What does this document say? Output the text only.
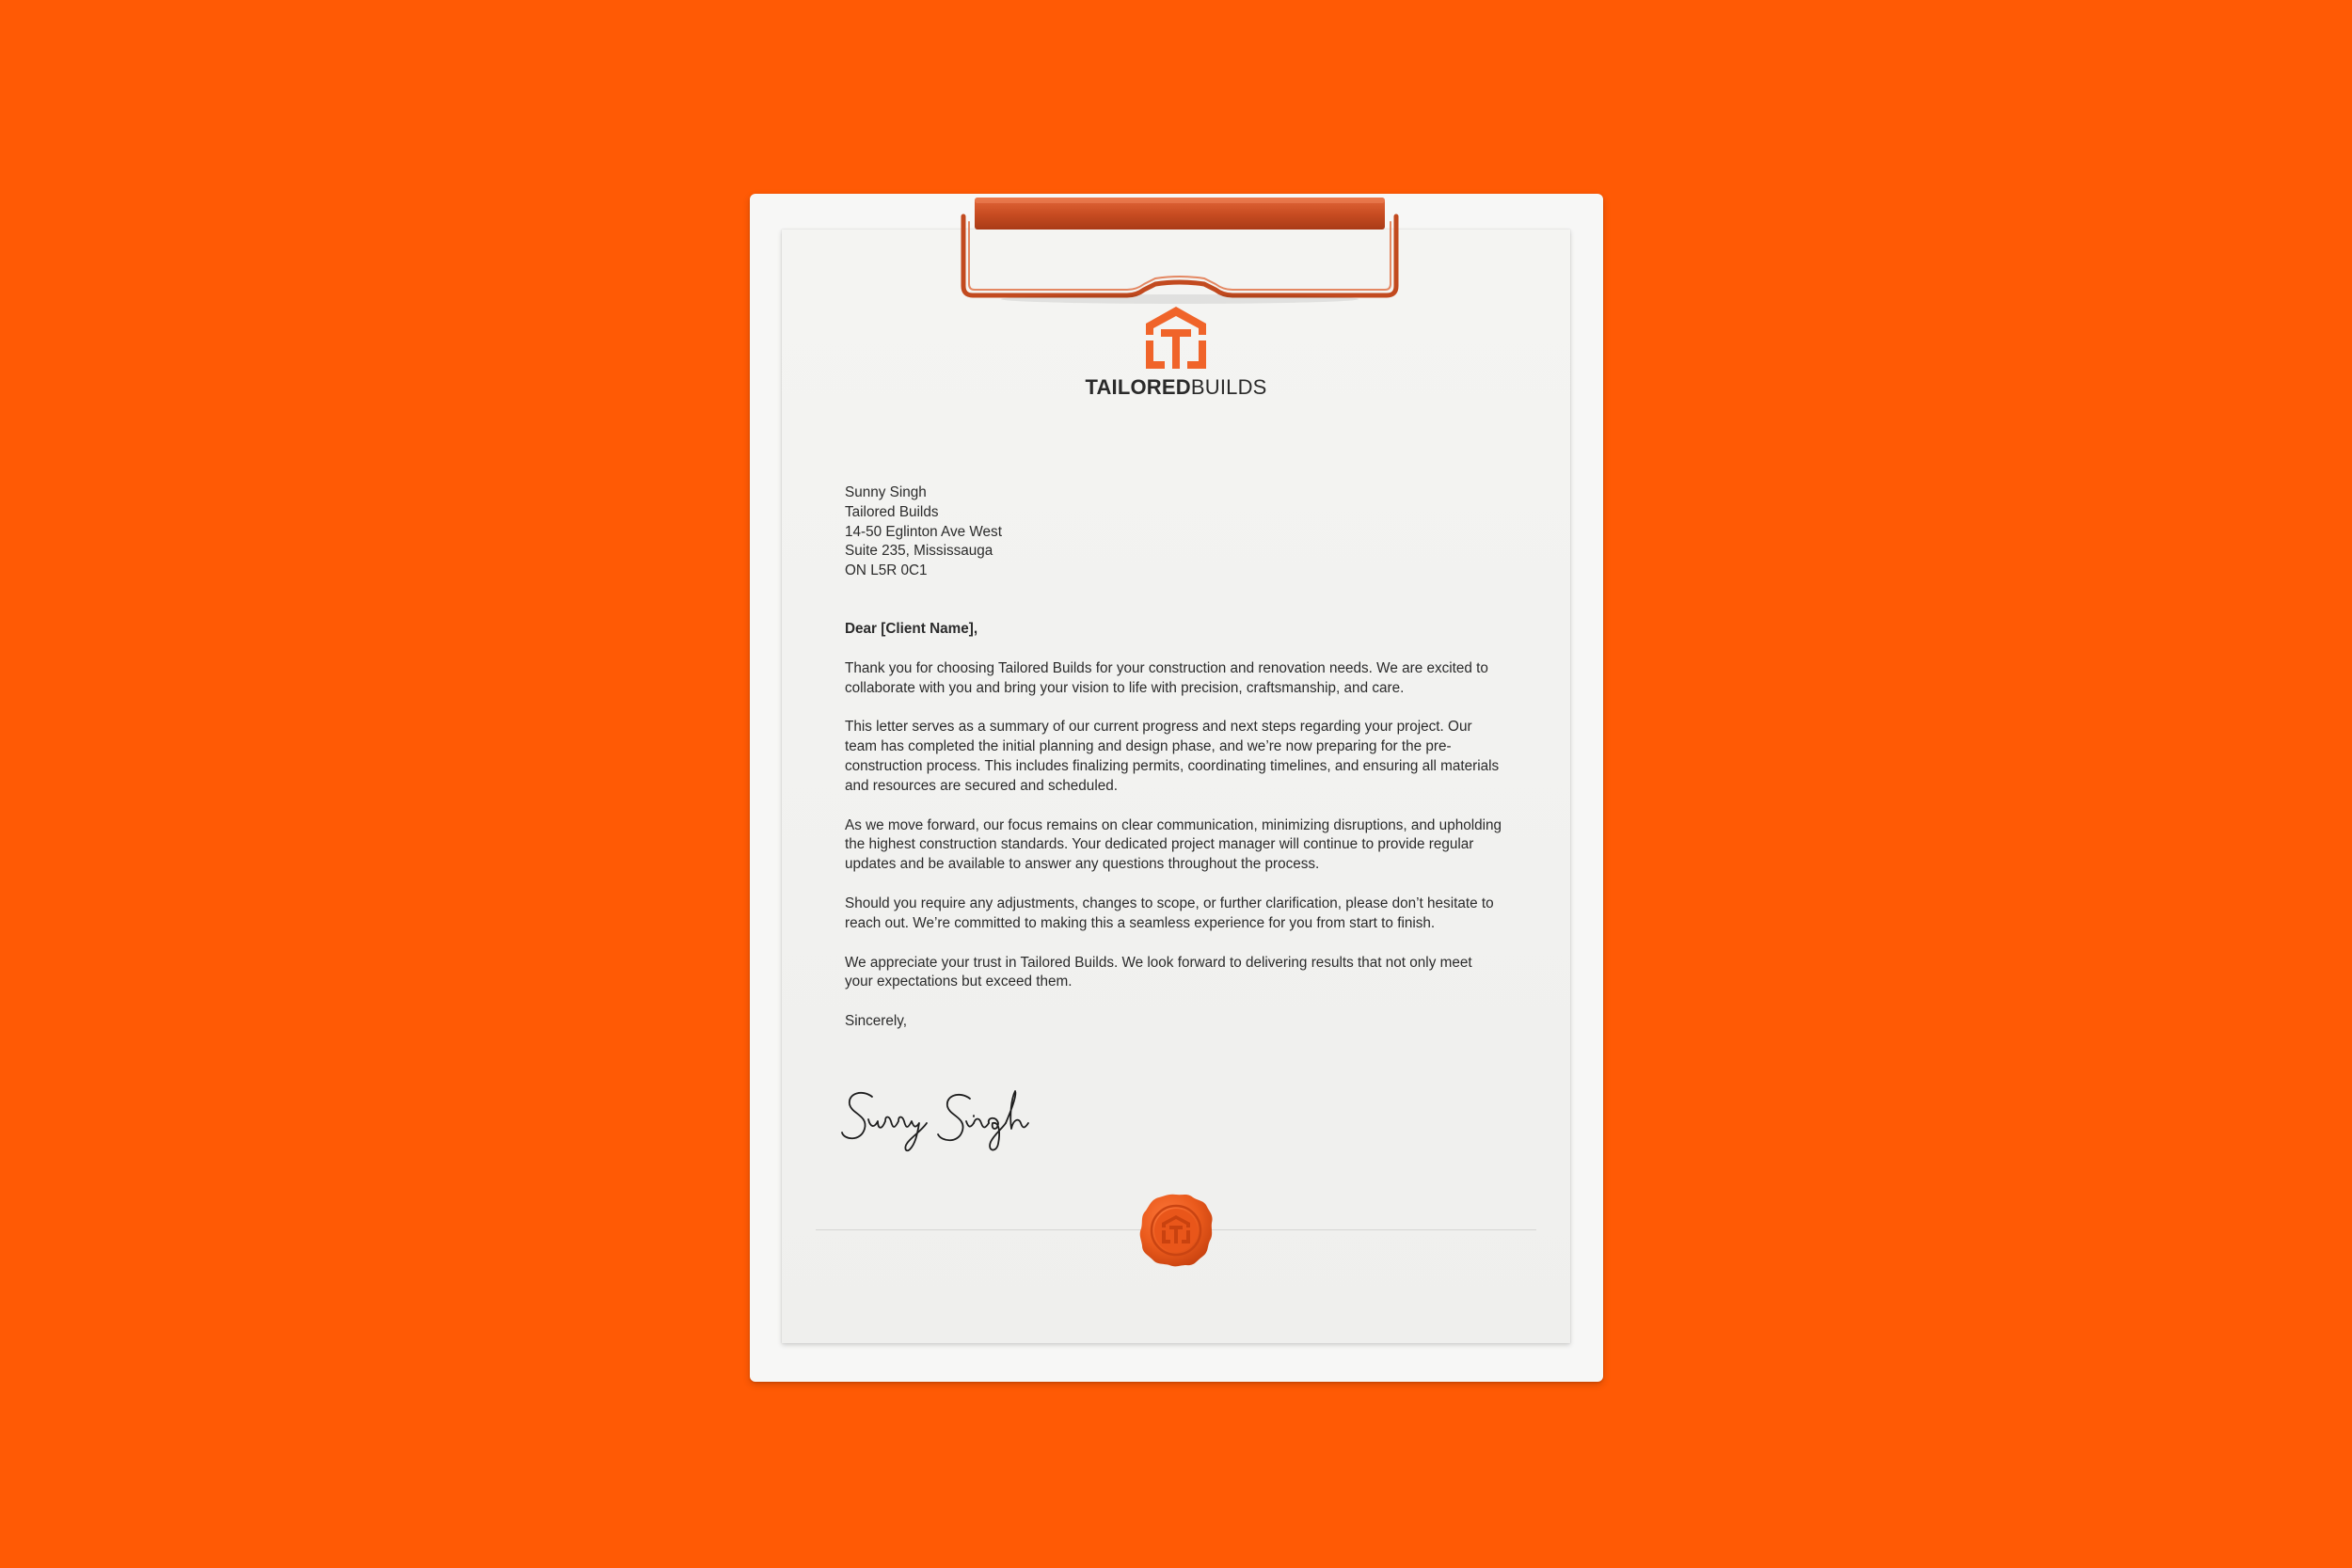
TAILOREDBUILDS
Sunny Singh
Tailored Builds
14-50 Eglinton Ave West
Suite 235, Mississauga
ON L5R 0C1
Dear [Client Name],
Thank you for choosing Tailored Builds for your construction and renovation needs. We are excited to collaborate with you and bring your vision to life with precision, craftsmanship, and care.
This letter serves as a summary of our current progress and next steps regarding your project. Our team has completed the initial planning and design phase, and we’re now preparing for the pre-construction process. This includes finalizing permits, coordinating timelines, and ensuring all materials and resources are secured and scheduled.
As we move forward, our focus remains on clear communication, minimizing disruptions, and upholding the highest construction standards. Your dedicated project manager will continue to provide regular updates and be available to answer any questions throughout the process.
Should you require any adjustments, changes to scope, or further clarification, please don’t hesitate to reach out. We’re committed to making this a seamless experience for you from start to finish.
We appreciate your trust in Tailored Builds. We look forward to delivering results that not only meet your expectations but exceed them.
Sincerely,
